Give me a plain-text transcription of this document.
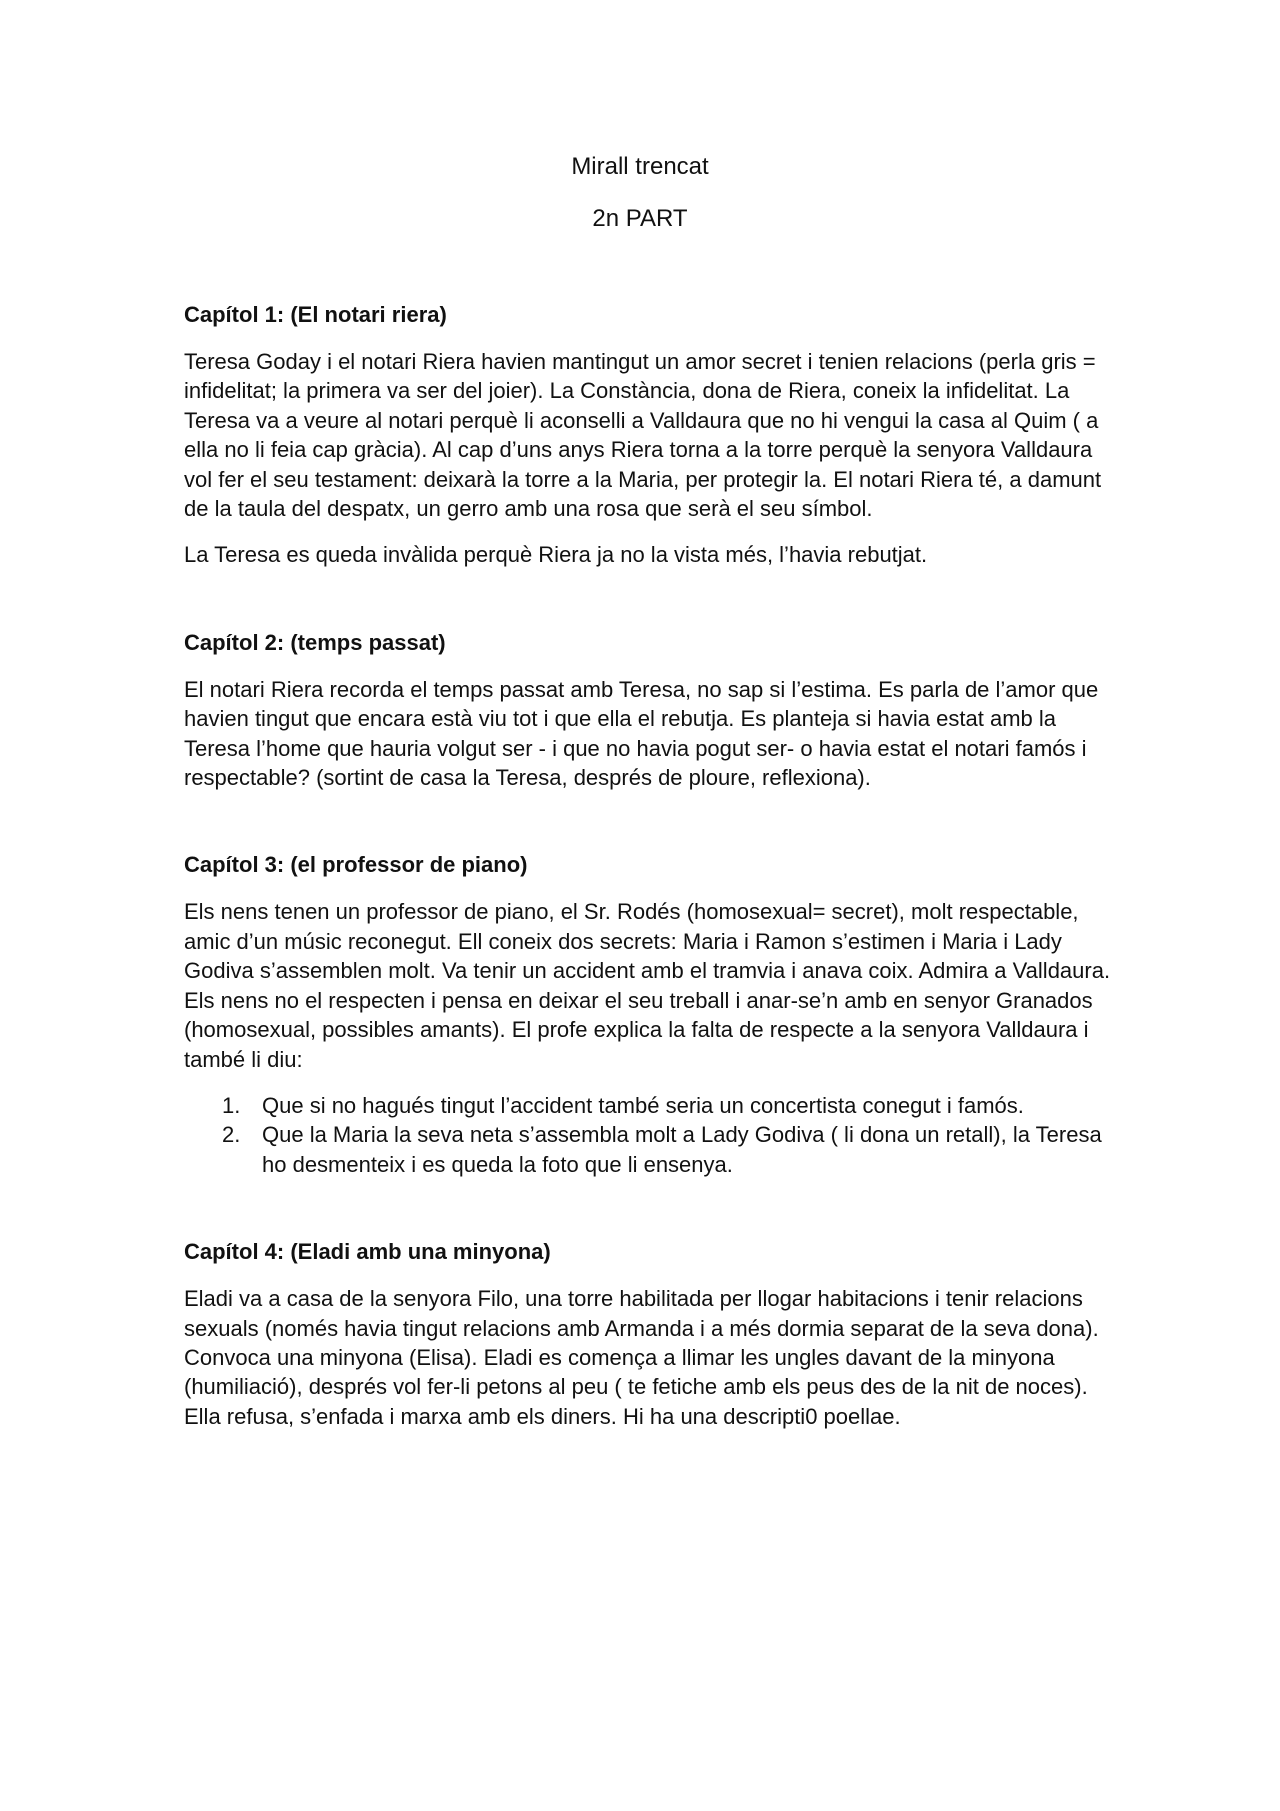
Mirall trencat
2n PART

Capítol 1: (El notari riera)

Teresa Goday i el notari Riera havien mantingut un amor secret i tenien relacions (perla gris = infidelitat; la primera va ser del joier). La Constància, dona de Riera, coneix la infidelitat. La Teresa va a veure al notari perquè li aconselli a Valldaura que no hi vengui la casa al Quim ( a ella no li feia cap gràcia). Al cap d’uns anys Riera torna a la torre perquè la senyora Valldaura vol fer el seu testament: deixarà la torre a la Maria, per protegir la. El notari Riera té, a damunt de la taula del despatx, un gerro amb una rosa que serà el seu símbol.

La Teresa es queda invàlida perquè Riera ja no la vista més, l’havia rebutjat.

Capítol 2: (temps passat)

El notari Riera recorda el temps passat amb Teresa, no sap si l’estima. Es parla de l’amor que havien tingut que encara està viu tot i que ella el rebutja. Es planteja si havia estat amb la Teresa l’home que hauria volgut ser - i que no havia pogut ser- o havia estat el notari famós i respectable? (sortint de casa la Teresa, després de ploure, reflexiona).

Capítol 3: (el professor de piano)

Els nens tenen un professor de piano, el Sr. Rodés (homosexual= secret), molt respectable, amic d’un músic reconegut. Ell coneix dos secrets: Maria i Ramon s’estimen i Maria i Lady Godiva s’assemblen molt. Va tenir un accident amb el tramvia i anava coix. Admira a Valldaura. Els nens no el respecten i pensa en deixar el seu treball i anar-se’n amb en senyor Granados (homosexual, possibles amants). El profe explica la falta de respecte a la senyora Valldaura i també li diu:

1. Que si no hagués tingut l’accident també seria un concertista conegut i famós.
2. Que la Maria la seva neta s’assembla molt a Lady Godiva ( li dona un retall), la Teresa ho desmenteix i es queda la foto que li ensenya.

Capítol 4: (Eladi amb una minyona)

Eladi va a casa de la senyora Filo, una torre habilitada per llogar habitacions i tenir relacions sexuals (només havia tingut relacions amb Armanda i a més dormia separat de la seva dona). Convoca una minyona (Elisa). Eladi es comença a llimar les ungles davant de la minyona (humiliació), després vol fer-li petons al peu ( te fetiche amb els peus des de la nit de noces). Ella refusa, s’enfada i marxa amb els diners. Hi ha una descripti0 poellae.
